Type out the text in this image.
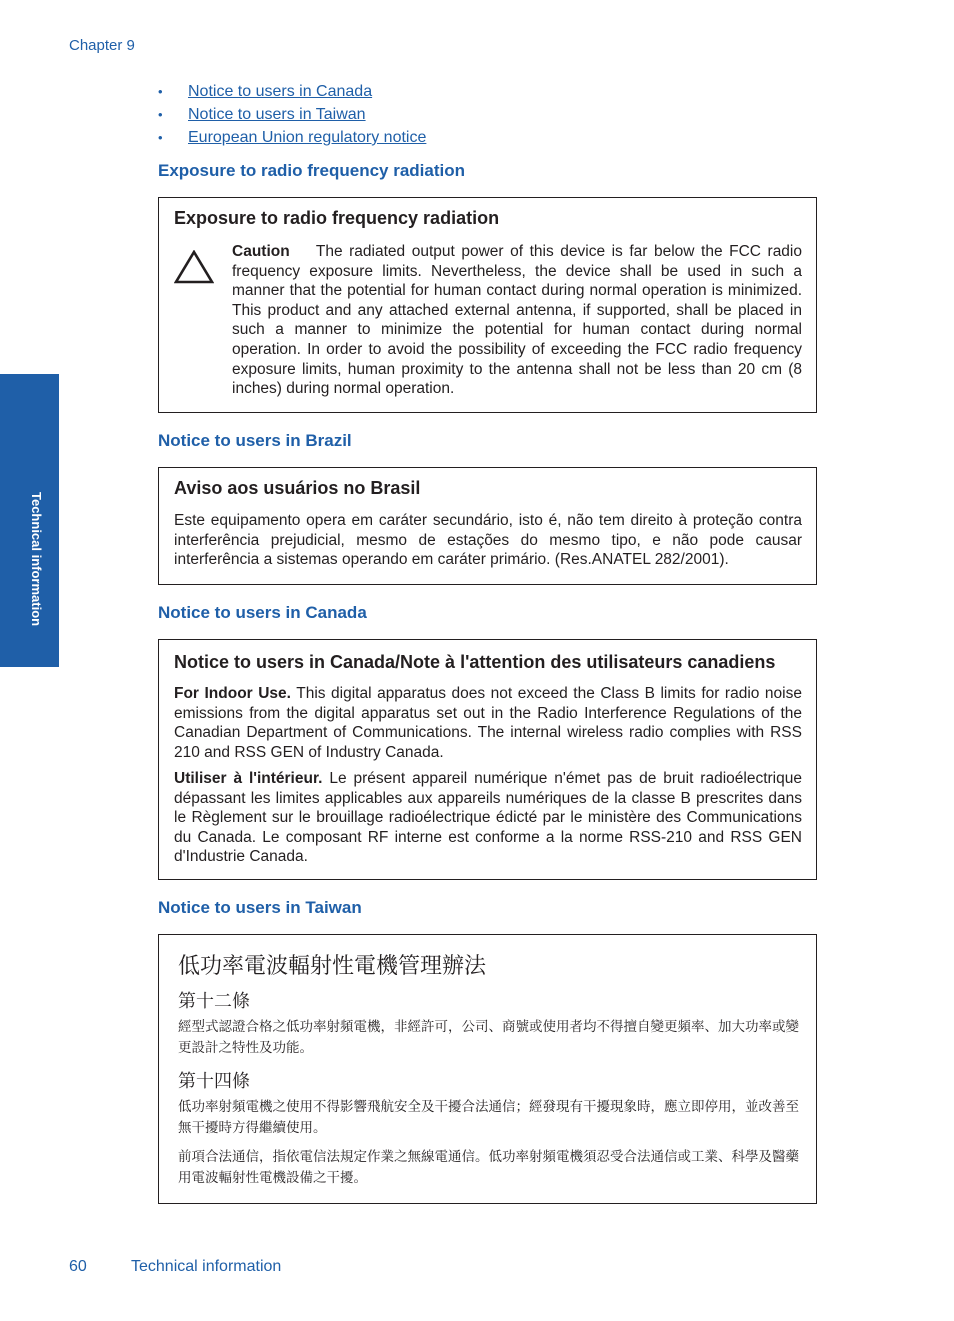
Chapter 9
• Notice to users in Canada
• Notice to users in Taiwan
• European Union regulatory notice
Exposure to radio frequency radiation
Exposure to radio frequency radiation
Caution The radiated output power of this device is far below the FCC radio frequency exposure limits. Nevertheless, the device shall be used in such a manner that the potential for human contact during normal operation is minimized. This product and any attached external antenna, if supported, shall be placed in such a manner to minimize the potential for human contact during normal operation. In order to avoid the possibility of exceeding the FCC radio frequency exposure limits, human proximity to the antenna shall not be less than 20 cm (8 inches) during normal operation.
Notice to users in Brazil
Aviso aos usuários no Brasil
Este equipamento opera em caráter secundário, isto é, não tem direito à proteção contra interferência prejudicial, mesmo de estações do mesmo tipo, e não pode causar interferência a sistemas operando em caráter primário. (Res.ANATEL 282/2001).
Notice to users in Canada
Notice to users in Canada/Note à l'attention des utilisateurs canadiens
For Indoor Use. This digital apparatus does not exceed the Class B limits for radio noise emissions from the digital apparatus set out in the Radio Interference Regulations of the Canadian Department of Communications. The internal wireless radio complies with RSS 210 and RSS GEN of Industry Canada.
Utiliser à l'intérieur. Le présent appareil numérique n'émet pas de bruit radioélectrique dépassant les limites applicables aux appareils numériques de la classe B prescrites dans le Règlement sur le brouillage radioélectrique édicté par le ministère des Communications du Canada. Le composant RF interne est conforme a la norme RSS-210 and RSS GEN d'Industrie Canada.
Notice to users in Taiwan
低功率電波輻射性電機管理辦法
第十二條
經型式認證合格之低功率射頻電機，非經許可，公司、商號或使用者均不得擅自變更頻率、加大功率或變更設計之特性及功能。
第十四條
低功率射頻電機之使用不得影響飛航安全及干擾合法通信；經發現有干擾現象時，應立即停用，並改善至無干擾時方得繼續使用。
前項合法通信，指依電信法規定作業之無線電通信。低功率射頻電機須忍受合法通信或工業、科學及醫藥用電波輻射性電機設備之干擾。
Technical information
60	Technical information
